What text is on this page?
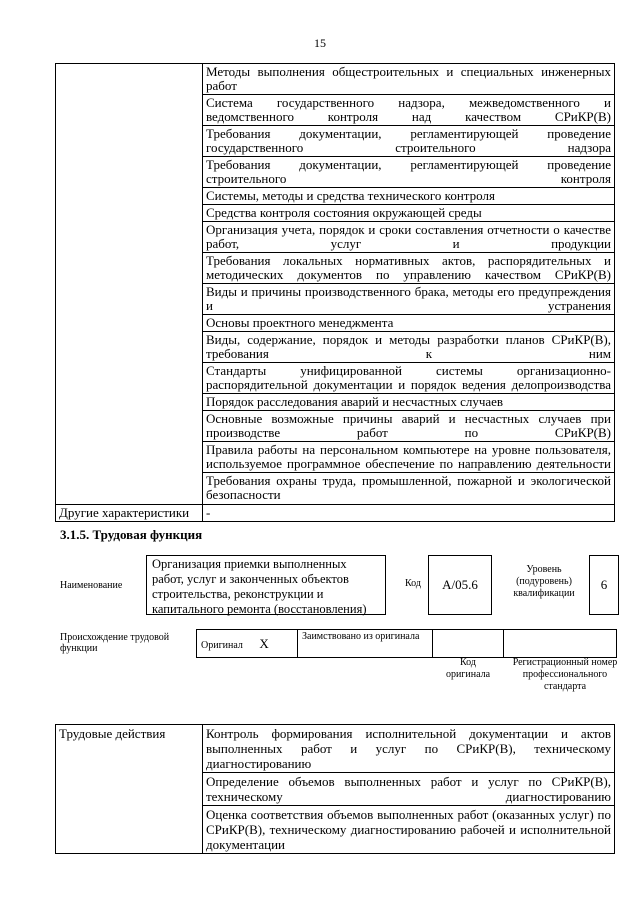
15
	Методы выполнения общестроительных и специальных инженерных работ
	Система государственного надзора, межведомственного и ведомственного контроля над качеством СРиКР(В)
	Требования документации, регламентирующей проведение государственного строительного надзора
	Требования документации, регламентирующей проведение строительного контроля
	Системы, методы и средства технического контроля
	Средства контроля состояния окружающей среды
	Организация учета, порядок и сроки составления отчетности о качестве работ, услуг и продукции
	Требования локальных нормативных актов, распорядительных и методических документов по управлению качеством СРиКР(В)
	Виды и причины производственного брака, методы его предупреждения и устранения
	Основы проектного менеджмента
	Виды, содержание, порядок и методы разработки планов СРиКР(В), требования к ним
	Стандарты унифицированной системы организационно-распорядительной документации и порядок ведения делопроизводства
	Порядок расследования аварий и несчастных случаев
	Основные возможные причины аварий и несчастных случаев при производстве работ по СРиКР(В)
	Правила работы на персональном компьютере на уровне пользователя, используемое программное обеспечение по направлению деятельности
	Требования охраны труда, промышленной, пожарной и экологической безопасности
Другие характеристики	-
3.1.5. Трудовая функция
Наименование
Организация приемки выполненных работ, услуг и законченных объектов строительства, реконструкции и капитального ремонта (восстановления)
Код	A/05.6
Уровень (подуровень) квалификации
6
Происхождение трудовой функции	Оригинал X	Заимствовано из оригинала		
Код оригинала
Регистрационный номер профессионального стандарта
Трудовые действия	Контроль формирования исполнительной документации и актов выполненных работ и услуг по СРиКР(В), техническому диагностированию
Определение объемов выполненных работ и услуг по СРиКР(В), техническому диагностированию
Оценка соответствия объемов выполненных работ (оказанных услуг) по СРиКР(В), техническому диагностированию рабочей и исполнительной документации
